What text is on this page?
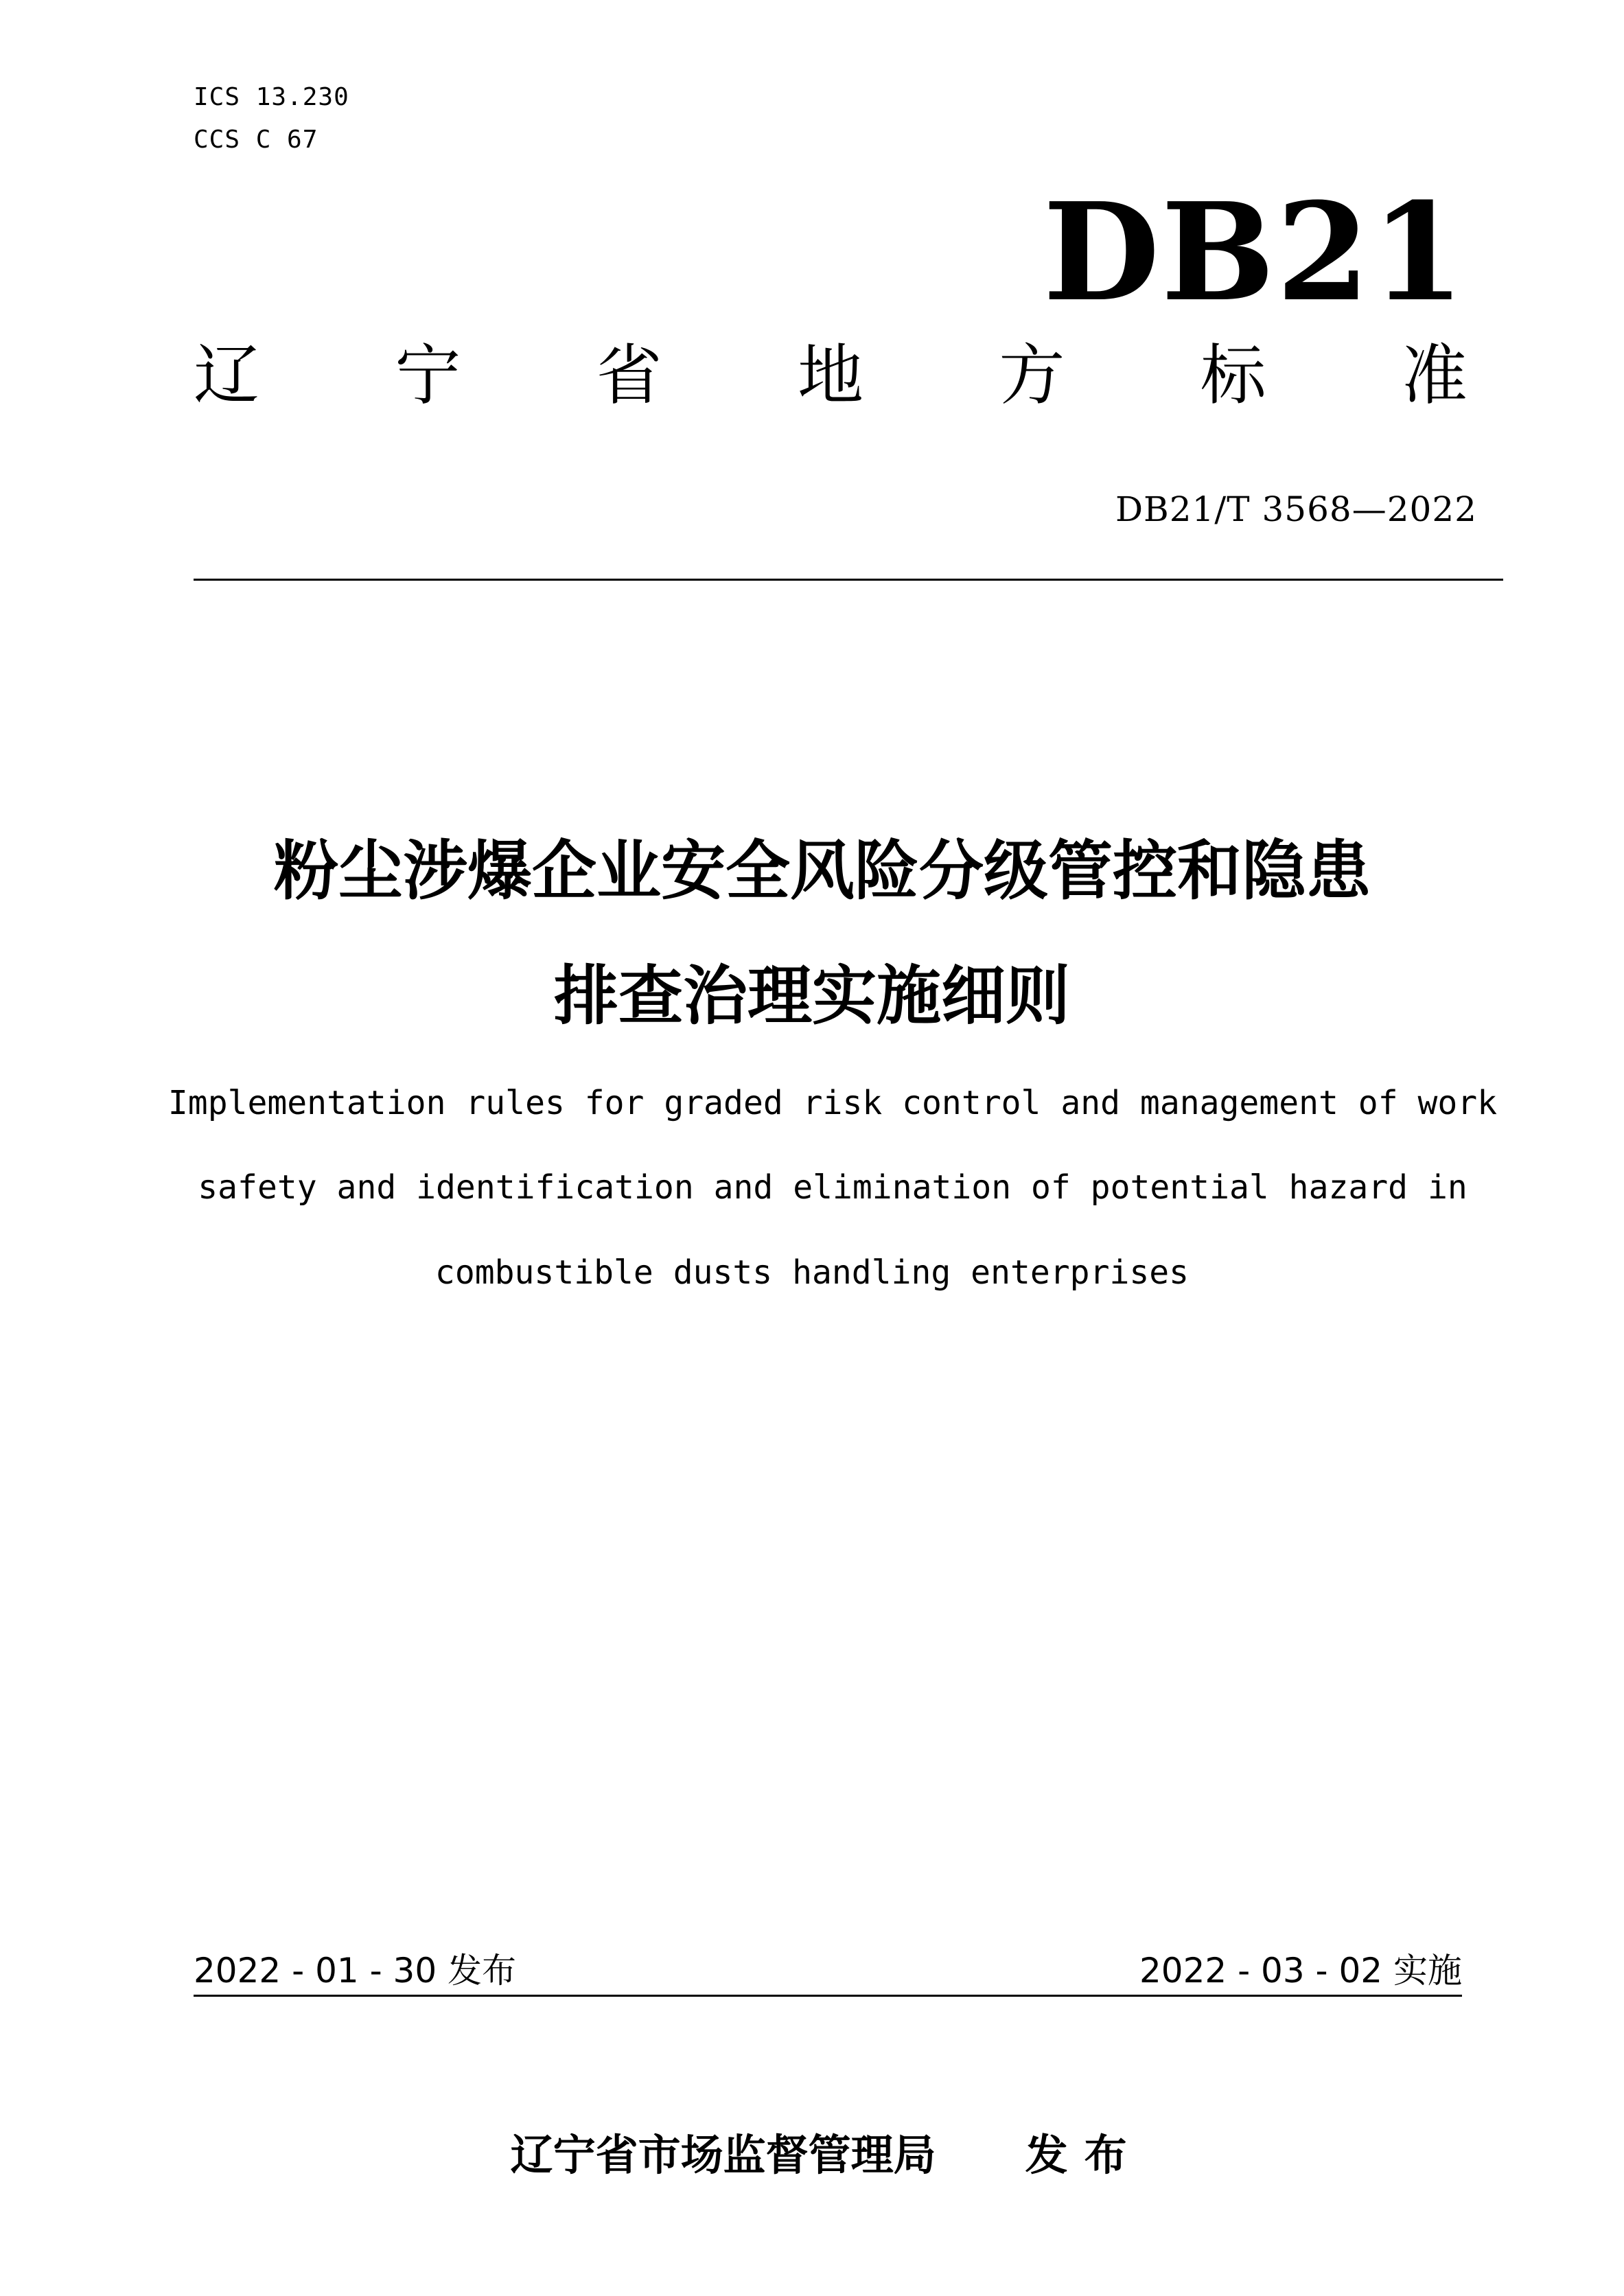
ICS 13.230
CCS C 67
DB21
辽 宁 省 地 方 标 准
DB21/T 3568—2022
粉尘涉爆企业安全风险分级管控和隐患
排查治理实施细则
Implementation rules for graded risk control and management of work
safety and identification and elimination of potential hazard in
combustible dusts handling enterprises
2022 - 01 - 30 发布	2022 - 03 - 02 实施

辽宁省市场监督管理局 发布
